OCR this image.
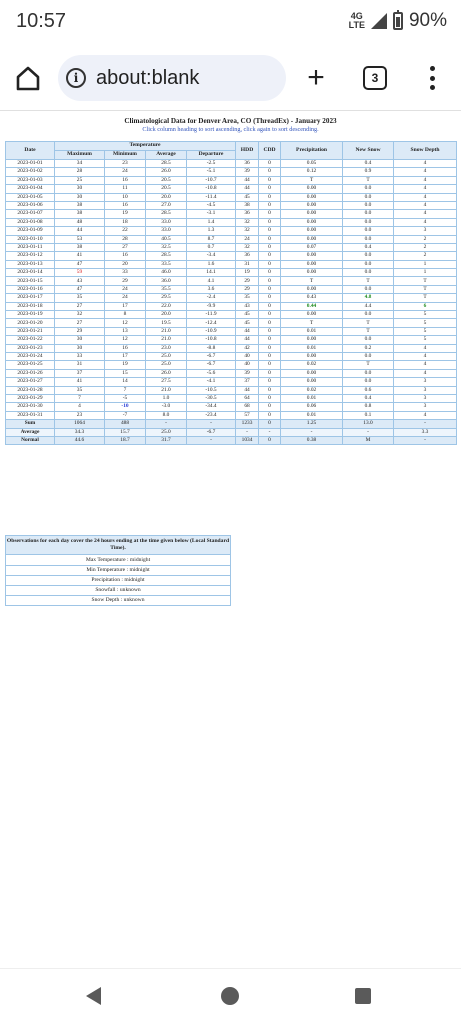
10:57	4G
LTE 90%
i about:blank	+	3
Climatological Data for Denver Area, CO (ThreadEx) - January 2023
Click column heading to sort ascending, click again to sort descending.
Date	Temperature				HDD	CDD	Precipitation	New Snow	Snow Depth
	Maximum	Minimum	Average	Departure					
2023-01-01	34	23	28.5	-2.5	36	0	0.05	0.4	4
2023-01-02	28	24	26.0	-5.1	39	0	0.12	0.9	4
2023-01-03	25	16	20.5	-10.7	44	0	T	T	4
2023-01-04	30	11	20.5	-10.8	44	0	0.00	0.0	4
2023-01-05	30	10	20.0	-11.4	45	0	0.00	0.0	4
2023-01-06	38	16	27.0	-4.5	38	0	0.00	0.0	4
2023-01-07	38	19	28.5	-3.1	36	0	0.00	0.0	4
2023-01-08	48	18	33.0	1.4	32	0	0.00	0.0	4
2023-01-09	44	22	33.0	1.3	32	0	0.00	0.0	3
2023-01-10	53	28	40.5	8.7	24	0	0.00	0.0	2
2023-01-11	38	27	32.5	0.7	32	0	0.07	0.4	2
2023-01-12	41	16	28.5	-3.4	36	0	0.00	0.0	2
2023-01-13	47	20	33.5	1.6	31	0	0.00	0.0	1
2023-01-14	59	33	46.0	14.1	19	0	0.00	0.0	1
2023-01-15	43	29	36.0	4.1	29	0	T	T	T
2023-01-16	47	24	35.5	3.6	29	0	0.00	0.0	T
2023-01-17	35	24	29.5	-2.4	35	0	0.43	4.8	T
2023-01-18	27	17	22.0	-9.9	43	0	0.44	4.4	6
2023-01-19	32	8	20.0	-11.9	45	0	0.00	0.0	5
2023-01-20	27	12	19.5	-12.4	45	0	T	T	5
2023-01-21	29	13	21.0	-10.9	44	0	0.01	T	5
2023-01-22	30	12	21.0	-10.8	44	0	0.00	0.0	5
2023-01-23	30	16	23.0	-8.8	42	0	0.01	0.2	4
2023-01-24	33	17	25.0	-6.7	40	0	0.00	0.0	4
2023-01-25	31	19	25.0	-6.7	40	0	0.02	T	4
2023-01-26	37	15	26.0	-5.6	39	0	0.00	0.0	4
2023-01-27	41	14	27.5	-4.1	37	0	0.00	0.0	3
2023-01-28	35	7	21.0	-10.5	44	0	0.02	0.6	3
2023-01-29	7	-5	1.0	-30.5	64	0	0.01	0.4	3
2023-01-30	4	-10	-3.0	-34.4	68	0	0.06	0.8	3
2023-01-31	23	-7	8.0	-23.4	57	0	0.01	0.1	4
Sum	1064	488	-	-	1233	0	1.25	13.0	-
Average	34.3	15.7	25.0	-6.7	-	-	-	-	3.3
Normal	44.6	18.7	31.7	-	1034	0	0.38	M	-
Observations for each day cover the 24 hours ending at the time given below (Local Standard Time).
Max Temperature : midnight
Min Temperature : midnight
Precipitation : midnight
Snowfall : unknown
Snow Depth : unknown
